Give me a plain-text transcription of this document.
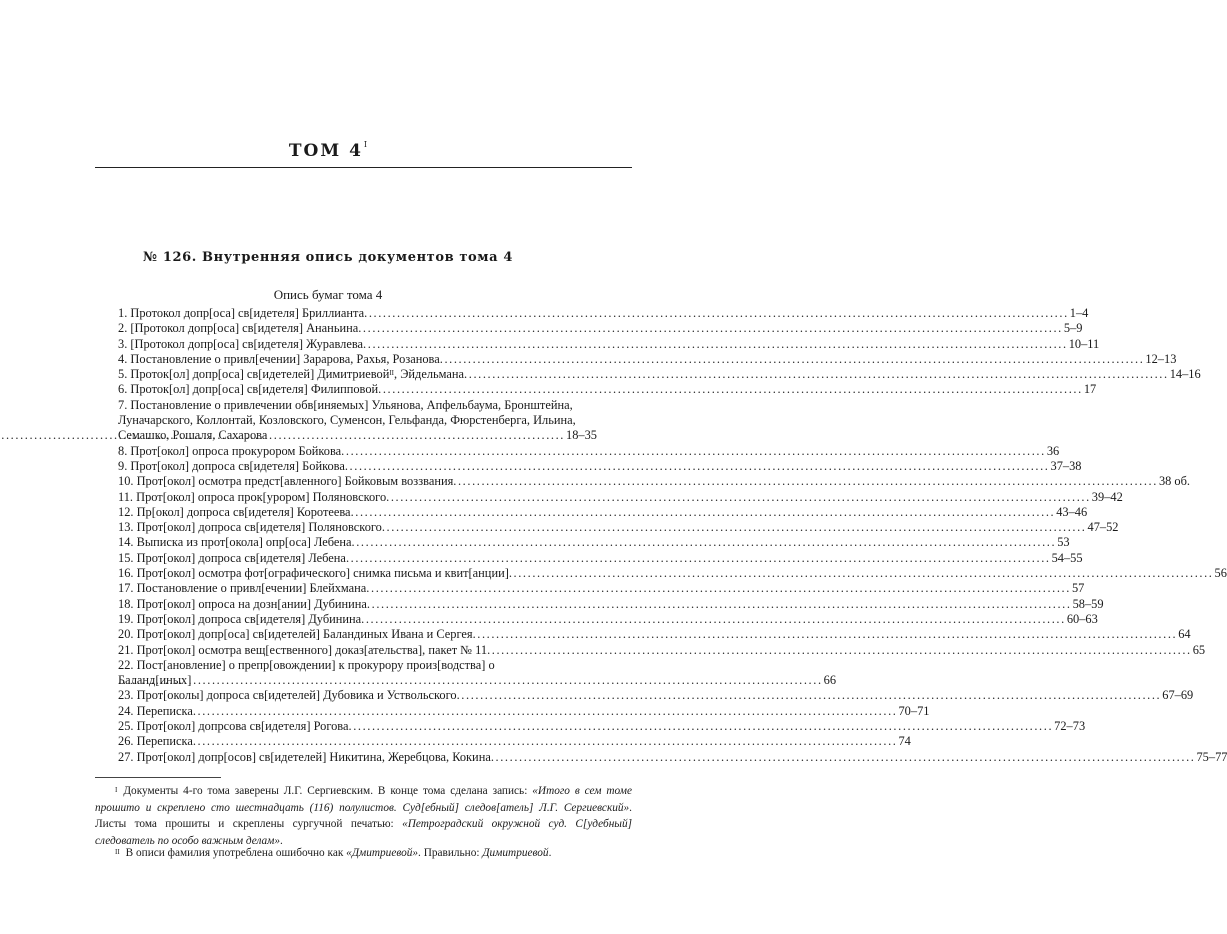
ТОМ $4^I$
№ 126. Внутренняя опись документов тома 4
Опись бумаг тома 4
1. Протокол допр[оса] св[идетеля] Бриллианта .....	1–4
2. [Протокол допр[оса] св[идетеля] Ананьина .....	5–9
3. [Протокол допр[оса] св[идетеля] Журавлева .....	10–11
4. Постановление о привл[ечении] Зарарова, Рахья, Розанова .....	12–13
5. Проток[ол] допр[оса] св[идетелей] Димитриевой$^{II}$, Эйдельмана .....	14–16
6. Проток[ол] допр[оса] св[идетеля] Филипповой .....	17
7. Постановление о привлечении обв[иняемых] Ульянова, Апфельбаума, Бронштейна, Луначарского, Коллонтай, Козловского, Суменсон, Гельфанда, Фюрстенберга, Ильина, Семашко, Рошаля, Сахарова .....	18–35
8. Прот[окол] опроса прокурором Бойкова .....	36
9. Прот[окол] допроса св[идетеля] Бойкова .....	37–38
10. Прот[окол] осмотра предст[авленного] Бойковым воззвания .....	38 об.
11. Прот[окол] опроса прок[урором] Поляновского .....	39–42
12. Пр[окол] допроса св[идетеля] Коротеева .....	43–46
13. Прот[окол] допроса св[идетеля] Поляновского .....	47–52
14. Выписка из прот[окола] опр[оса] Лебена .....	53
15. Прот[окол] допроса св[идетеля] Лебена .....	54–55
16. Прот[окол] осмотра фот[ографического] снимка письма и квит[анции] .....	56
17. Постановление о привл[ечении] Блейхмана .....	57
18. Прот[окол] опроса на дозн[ании] Дубинина .....	58–59
19. Прот[окол] допроса св[идетеля] Дубинина .....	60–63
20. Прот[окол] допр[оса] св[идетелей] Баландиных Ивана и Сергея .....	64
21. Прот[окол] осмотра вещ[ественного] доказ[ательства], пакет № 11 .....	65
22. Пост[ановление] о препр[овождении] к прокурору произ[водства] о Баланд[иных] .....	66
23. Прот[околы] допроса св[идетелей] Дубовика и Уствольского .....	67–69
24. Переписка .....	70–71
25. Прот[окол] допрсова св[идетеля] Рогова .....	72–73
26. Переписка .....	74
27. Прот[окол] допр[осов] св[идетелей] Никитина, Жеребцова, Кокина .....	75–77
$^I$ Документы 4-го тома заверены Л.Г. Сергиевским. В конце тома сделана запись: «Итого в сем томе прошито и скреплено сто шестнадцать (116) полулистов. Суд[ебный] следов[атель] Л.Г. Сергиевский». Листы тома прошиты и скреплены сургучной печатью: «Петроградский окружной суд. С[удебный] следователь по особо важным делам».
$^{II}$ В описи фамилия употреблена ошибочно как «Дмитриевой». Правильно: Димитриевой.
